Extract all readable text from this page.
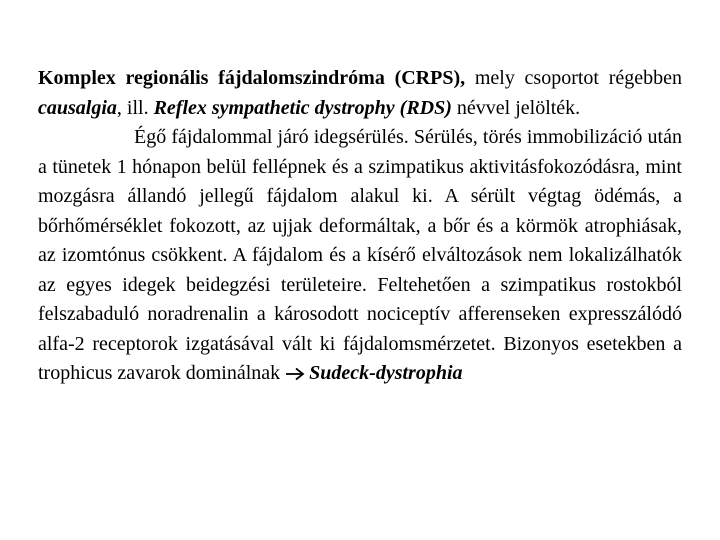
Komplex regionális fájdalomszindróma (CRPS), mely csoportot régebben causalgia, ill. Reflex sympathetic dystrophy (RDS) névvel jelölték.

Égő fájdalommal járó idegsérülés. Sérülés, törés immobilizáció után a tünetek 1 hónapon belül fellépnek és a szimpatikus aktivitásfokozódásra, mint mozgásra állandó jellegű fájdalom alakul ki. A sérült végtag ödémás, a bőrhőmérséklet fokozott, az ujjak deformáltak, a bőr és a körmök atrophiásak, az izomtónus csökkent. A fájdalom és a kísérő elváltozások nem lokalizálhatók az egyes idegek beidegzési területeire. Feltehetően a szimpatikus rostokból felszabaduló noradrenalin a károsodott nociceptív afferenseken expresszálódó alfa-2 receptorok izgatásával vált ki fájdalomsmérzetet. Bizonyos esetekben a trophicus zavarok dominálnak
Sudeck-dystrophia
